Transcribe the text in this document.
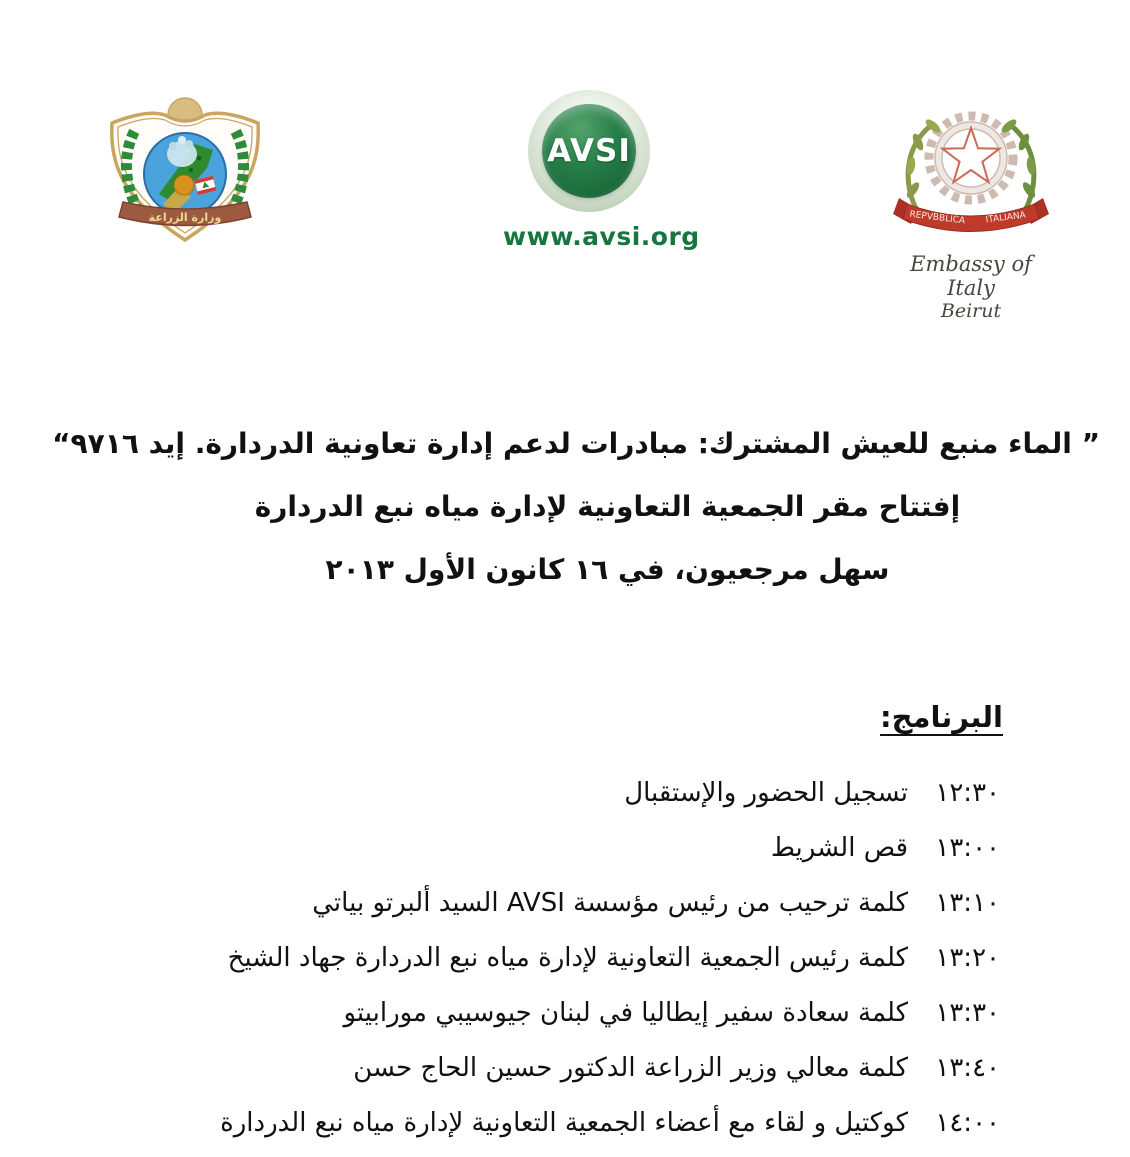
وزارة الزراعة
AVSI
www.avsi.org
REPVBBLICA ITALIANA
Embassy of Italy
Beirut
” الماء منبع للعيش المشترك: مبادرات لدعم إدارة تعاونية الدردارة. إيد ٩٧١٦“
إفتتاح مقر الجمعية التعاونية لإدارة مياه نبع الدردارة
سهل مرجعيون، في ١٦ كانون الأول ٢٠١٣
البرنامج:
١٢:٣٠تسجيل الحضور والإستقبال
١٣:٠٠قص الشريط
١٣:١٠كلمة ترحيب من رئيس مؤسسة AVSI السيد ألبرتو بياتي
١٣:٢٠كلمة رئيس الجمعية التعاونية لإدارة مياه نبع الدردارة جهاد الشيخ
١٣:٣٠كلمة سعادة سفير إيطاليا في لبنان جيوسيبي مورابيتو
١٣:٤٠كلمة معالي وزير الزراعة الدكتور حسين الحاج حسن
١٤:٠٠كوكتيل و لقاء مع أعضاء الجمعية التعاونية لإدارة مياه نبع الدردارة
